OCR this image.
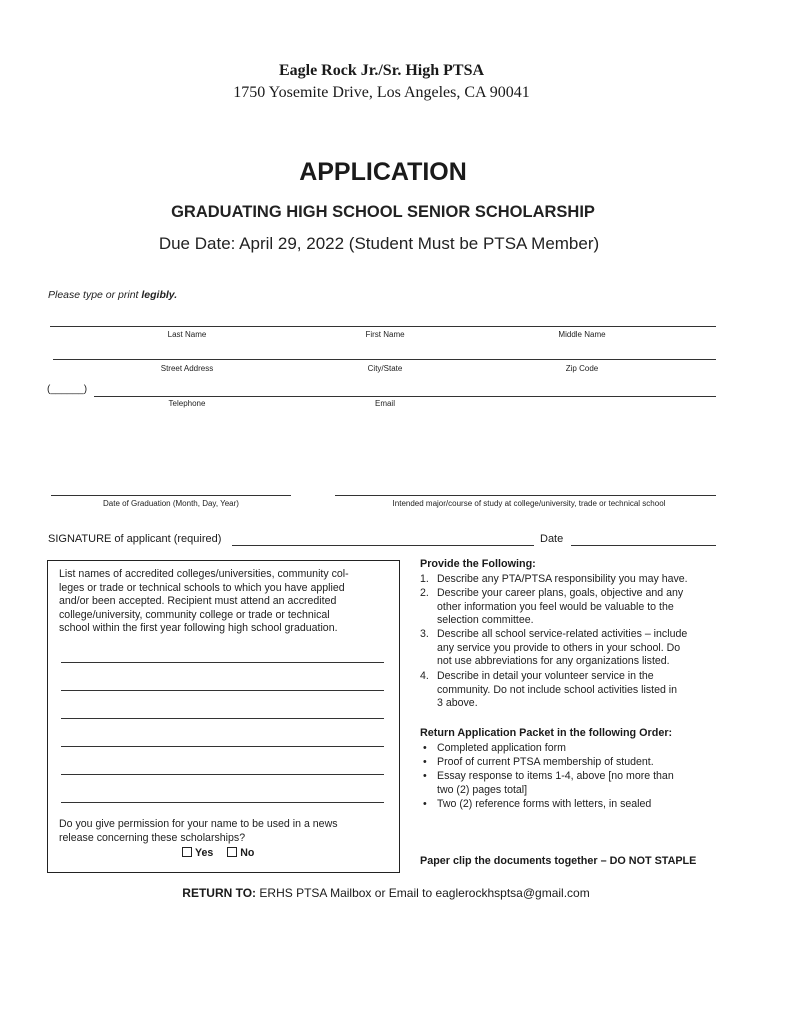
Eagle Rock Jr./Sr. High PTSA
1750 Yosemite Drive, Los Angeles, CA 90041
APPLICATION
GRADUATING HIGH SCHOOL SENIOR SCHOLARSHIP
Due Date: April 29, 2022 (Student Must be PTSA Member)
Please type or print legibly.
Last Name	First Name	Middle Name
Street Address	City/State	Zip Code
(______)
Telephone	Email
Date of Graduation (Month, Day, Year)	Intended major/course of study at college/university, trade or technical school
SIGNATURE of applicant (required)	Date
List names of accredited colleges/universities, community col-
leges or trade or technical schools to which you have applied
and/or been accepted. Recipient must attend an accredited
college/university, community college or trade or technical
school within the first year following high school graduation.
Do you give permission for your name to be used in a news
release concerning these scholarships?
Yes	No
Provide the Following:
1. Describe any PTA/PTSA responsibility you may have.
2. Describe your career plans, goals, objective and any
other information you feel would be valuable to the
selection committee.
3. Describe all school service-related activities – include
any service you provide to others in your school. Do
not use abbreviations for any organizations listed.
4. Describe in detail your volunteer service in the
community. Do not include school activities listed in
3 above.
Return Application Packet in the following Order:
• Completed application form
• Proof of current PTSA membership of student.
• Essay response to items 1-4, above [no more than
two (2) pages total]
• Two (2) reference forms with letters, in sealed
Paper clip the documents together – DO NOT STAPLE
RETURN TO: ERHS PTSA Mailbox or Email to eaglerockhsptsa@gmail.com
